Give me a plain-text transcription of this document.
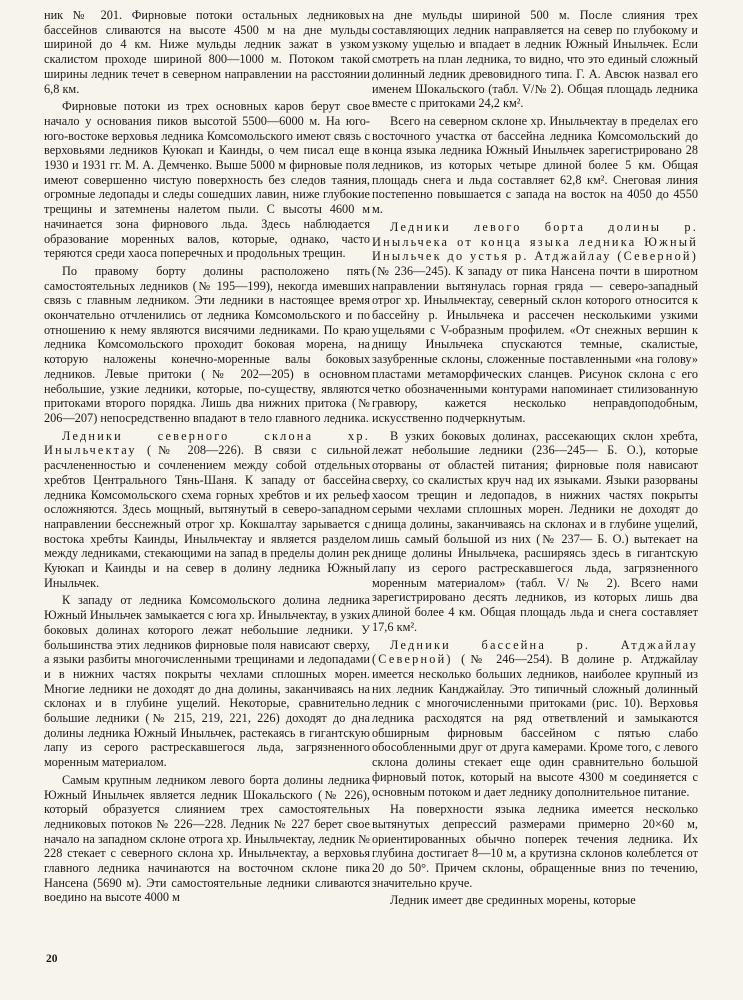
ник № 201. Фирновые потоки остальных ледниковых бассейнов сливаются на высоте 4500 м на дне мульды шириной до 4 км. Ниже мульды ледник зажат в узком скалистом проходе шириной 800—1000 м. Потоком такой ширины ледник течет в северном направлении на расстоянии 6,8 км.

Фирновые потоки из трех основных каров берут свое начало у основания пиков высотой 5500—6000 м. На юго-юго-востоке верховья ледника Комсомольского имеют связь с верховьями ледников Куюкап и Каинды, о чем писал еще в 1930 и 1931 гг. М. А. Демченко. Выше 5000 м фирновые поля имеют совершенно чистую поверхность без следов таяния, огромные ледопады и следы сошедших лавин, ниже глубокие трещины и затемнены налетом пыли. С высоты 4600 м начинается зона фирнового льда. Здесь наблюдается образование моренных валов, которые, однако, часто теряются среди хаоса поперечных и продольных трещин.

По правому борту долины расположено пять самостоятельных ледников (№ 195—199), некогда имевших связь с главным ледником. Эти ледники в настоящее время окончательно отчленились от ледника Комсомольского и по отношению к нему являются висячими ледниками. По краю ледника Комсомольского проходит боковая морена, на которую наложены конечно-моренные валы боковых ледников. Левые притоки (№ 202—205) в основном небольшие, узкие ледники, которые, по-существу, являются притоками второго порядка. Лишь два нижних притока (№ 206—207) непосредственно впадают в тело главного ледника.

Ледники северного склона хр. Иныльчектау (№ 208—226). В связи с сильной расчлененностью и сочленением между собой отдельных хребтов Центрального Тянь-Шаня. К западу от бассейна ледника Комсомольского схема горных хребтов и их рельеф осложняются. Здесь мощный, вытянутый в северо-западном направлении бесснежный отрог хр. Кокшалтау зарывается с востока хребты Каинды, Иныльчектау и является разделом между ледниками, стекающими на запад в пределы долин рек Куюкап и Каинды и на север в долину ледника Южный Иныльчек.

К западу от ледника Комсомольского долина ледника Южный Иныльчек замыкается с юга хр. Иныльчектау, в узких боковых долинах которого лежат небольшие ледники. У большинства этих ледников фирновые поля нависают сверху, а языки разбиты многочисленными трещинами и ледопадами и в нижних частях покрыты чехлами сплошных морен. Многие ледники не доходят до дна долины, заканчиваясь на склонах и в глубине ущелий. Некоторые, сравнительно большие ледники (№ 215, 219, 221, 226) доходят до дна долины ледника Южный Иныльчек, растекаясь в гигантскую лапу из серого растрескавшегося льда, загрязненного моренным материалом.

Самым крупным ледником левого борта долины ледника Южный Иныльчек является ледник Шокальского (№ 226), который образуется слиянием трех самостоятельных ледниковых потоков № 226—228. Ледник № 227 берет свое начало на западном склоне отрога хр. Иныльчектау, ледник № 228 стекает с северного склона хр. Иныльчектау, а верховья главного ледника начинаются на восточном склоне пика Нансена (5690 м). Эти самостоятельные ледники сливаются воедино на высоте 4000 м

на дне мульды шириной 500 м. После слияния трех составляющих ледник направляется на север по глубокому и узкому ущелью и впадает в ледник Южный Иныльчек. Если смотреть на план ледника, то видно, что это единый сложный долинный ледник древовидного типа. Г. А. Авсюк назвал его именем Шокальского (табл. V/№ 2). Общая площадь ледника вместе с притоками 24,2 км².

Всего на северном склоне хр. Иныльчектау в пределах его восточного участка от бассейна ледника Комсомольский до конца языка ледника Южный Иныльчек зарегистрировано 28 ледников, из которых четыре длиной более 5 км. Общая площадь снега и льда составляет 62,8 км². Снеговая линия постепенно повышается с запада на восток на 4050 до 4550 м.

Ледники левого борта долины р. Иныльчека от конца языка ледника Южный Иныльчек до устья р. Атджайлау (Северной) (№ 236—245). К западу от пика Нансена почти в широтном направлении вытянулась горная гряда — северо-западный отрог хр. Иныльчектау, северный склон которого относится к бассейну р. Иныльчека и рассечен несколькими узкими ущельями с V-образным профилем. «От снежных вершин к днищу Иныльчека спускаются темные, скалистые, зазубренные склоны, сложенные поставленными «на голову» пластами метаморфических сланцев. Рисунок склона с его четко обозначенными контурами напоминает стилизованную гравюру, кажется несколько неправдоподобным, искусственно подчеркнутым.

В узких боковых долинах, рассекающих склон хребта, лежат небольшие ледники (236—245— Б. О.), которые оторваны от областей питания; фирновые поля нависают сверху, со скалистых круч над их языками. Языки разорваны хаосом трещин и ледопадов, в нижних частях покрыты серыми чехлами сплошных морен. Ледники не доходят до днища долины, заканчиваясь на склонах и в глубине ущелий, лишь самый большой из них (№ 237— Б. О.) вытекает на днище долины Иныльчека, расширяясь здесь в гигантскую лапу из серого растрескавшегося льда, загрязненного моренным материалом» (табл. V/№ 2). Всего нами зарегистрировано десять ледников, из которых лишь два длиной более 4 км. Общая площадь льда и снега составляет 17,6 км².

Ледники бассейна р. Атджайлау (Северной) (№ 246—254). В долине р. Атджайлау имеется несколько больших ледников, наиболее крупный из них ледник Канджайлау. Это типичный сложный долинный ледник с многочисленными притоками (рис. 10). Верховья ледника расходятся на ряд ответвлений и замыкаются обширным фирновым бассейном с пятью слабо обособленными друг от друга камерами. Кроме того, с левого склона долины стекает еще один сравнительно большой фирновый поток, который на высоте 4300 м соединяется с основным потоком и дает леднику дополнительное питание.

На поверхности языка ледника имеется несколько вытянутых депрессий размерами примерно 20×60 м, ориентированных обычно поперек течения ледника. Их глубина достигает 8—10 м, а крутизна склонов колеблется от 20 до 50°. Причем склоны, обращенные вниз по течению, значительно круче.

Ледник имеет две срединных морены, которые

20
